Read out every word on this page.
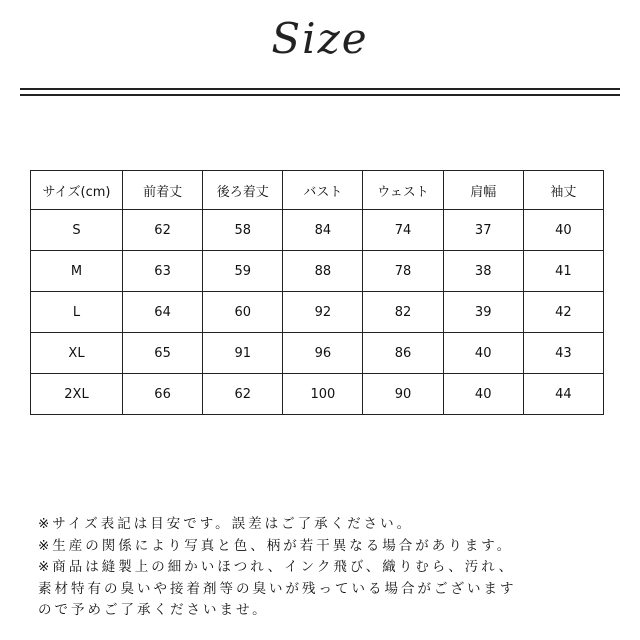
Size
サイズ(cm)	前着丈	後ろ着丈	バスト	ウェスト	肩幅	袖丈
S	62	58	84	74	37	40
M	63	59	88	78	38	41
L	64	60	92	82	39	42
XL	65	91	96	86	40	43
2XL	66	62	100	90	40	44
※サイズ表記は目安です。誤差はご了承ください。
※生産の関係により写真と色、柄が若干異なる場合があります。
※商品は縫製上の細かいほつれ、インク飛び、織りむら、汚れ、
素材特有の臭いや接着剤等の臭いが残っている場合がございます
ので予めご了承くださいませ。
